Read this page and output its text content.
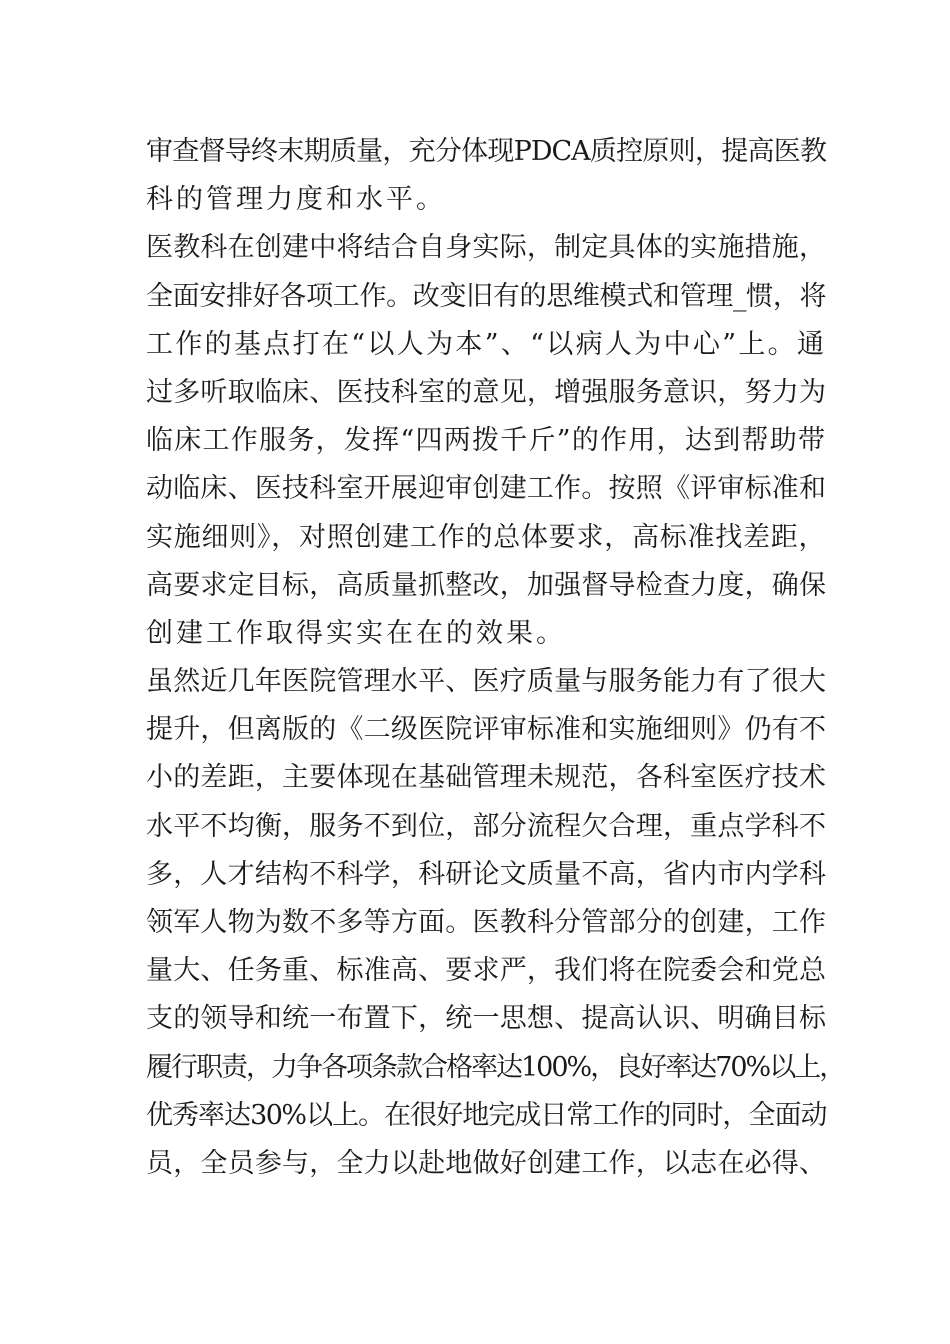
审查督导终末期质量，充分体现PDCA质控原则，提高医教
科的管理力度和水平。
医教科在创建中将结合自身实际，制定具体的实施措施，
全面安排好各项工作。改变旧有的思维模式和管理_惯，将
工作的基点打在“以人为本”、“以病人为中心”上。通
过多听取临床、医技科室的意见，增强服务意识，努力为
临床工作服务，发挥“四两拨千斤”的作用，达到帮助带
动临床、医技科室开展迎审创建工作。按照《评审标准和
实施细则》，对照创建工作的总体要求，高标准找差距，
高要求定目标，高质量抓整改，加强督导检查力度，确保
创建工作取得实实在在的效果。
虽然近几年医院管理水平、医疗质量与服务能力有了很大
提升，但离版的《二级医院评审标准和实施细则》仍有不
小的差距，主要体现在基础管理未规范，各科室医疗技术
水平不均衡，服务不到位，部分流程欠合理，重点学科不
多，人才结构不科学，科研论文质量不高，省内市内学科
领军人物为数不多等方面。医教科分管部分的创建，工作
量大、任务重、标准高、要求严，我们将在院委会和党总
支的领导和统一布置下，统一思想、提高认识、明确目标
履行职责，力争各项条款合格率达100%，良好率达70%以上，
优秀率达30%以上。在很好地完成日常工作的同时，全面动
员，全员参与，全力以赴地做好创建工作，以志在必得、
